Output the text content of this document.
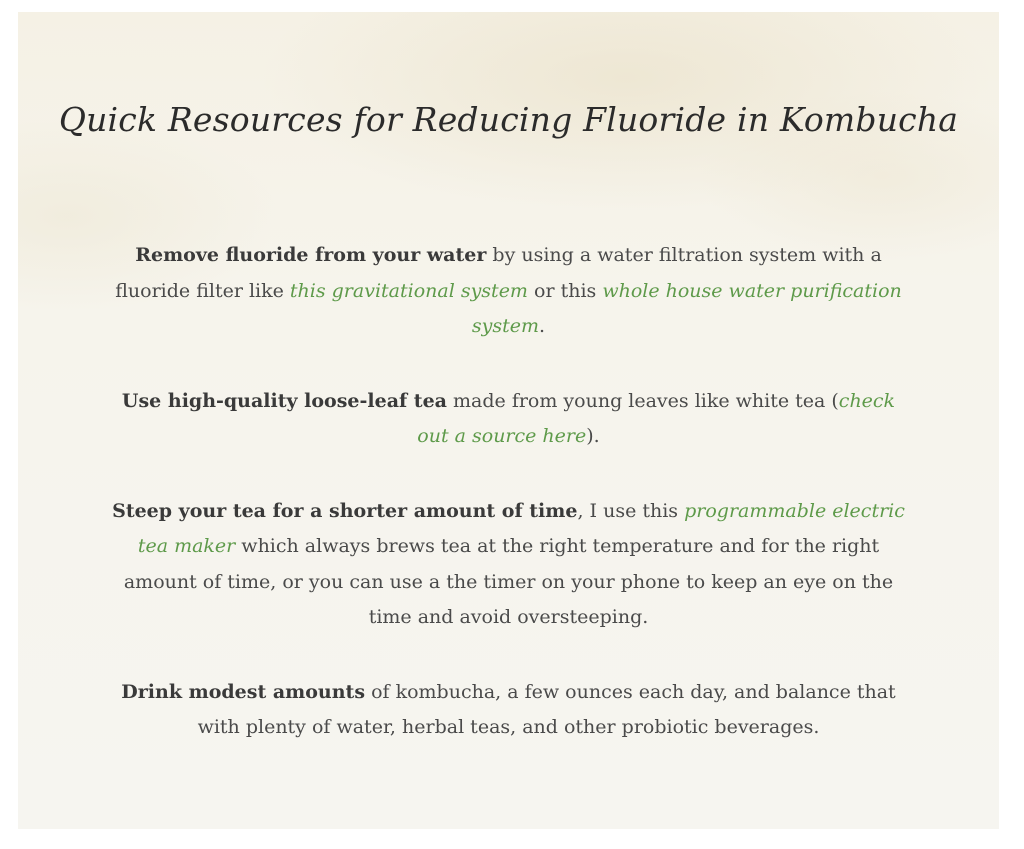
Quick Resources for Reducing Fluoride in Kombucha

Remove fluoride from your water by using a water filtration system with a fluoride filter like this gravitational system or this whole house water purification system.

Use high-quality loose-leaf tea made from young leaves like white tea (check out a source here).

Steep your tea for a shorter amount of time, I use this programmable electric tea maker which always brews tea at the right temperature and for the right amount of time, or you can use a the timer on your phone to keep an eye on the time and avoid oversteeping.

Drink modest amounts of kombucha, a few ounces each day, and balance that with plenty of water, herbal teas, and other probiotic beverages.
